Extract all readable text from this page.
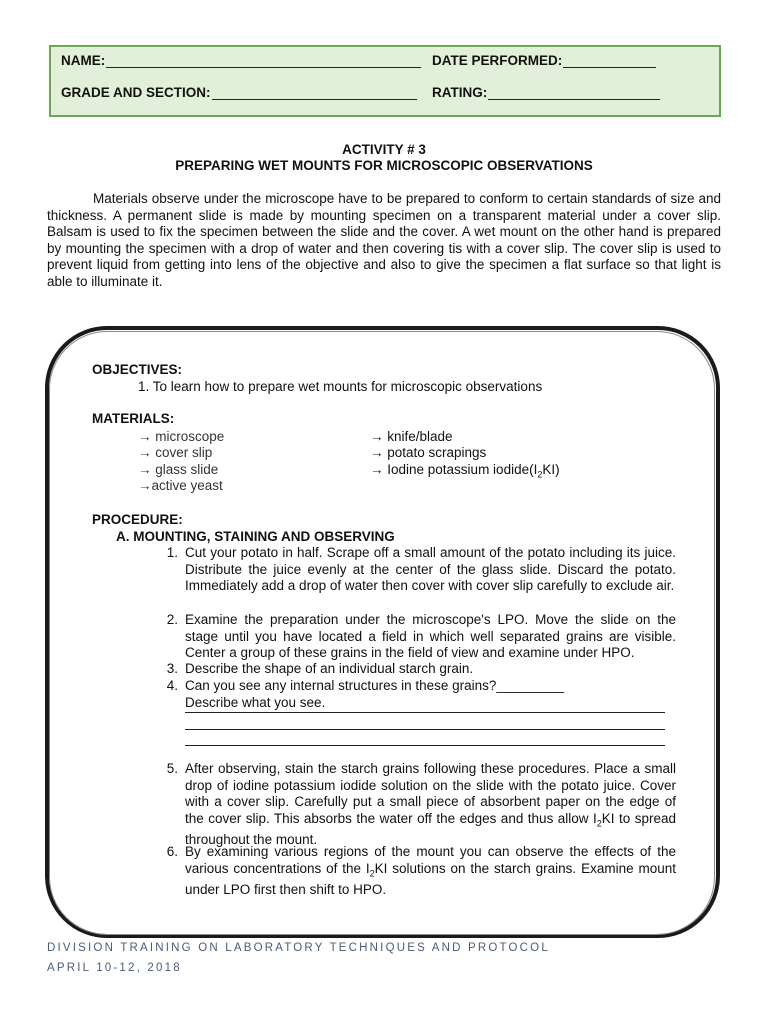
NAME:	DATE PERFORMED:
GRADE AND SECTION:	RATING:
ACTIVITY # 3
PREPARING WET MOUNTS FOR MICROSCOPIC OBSERVATIONS

Materials observe under the microscope have to be prepared to conform to certain standards of size and thickness. A permanent slide is made by mounting specimen on a transparent material under a cover slip. Balsam is used to fix the specimen between the slide and the cover. A wet mount on the other hand is prepared by mounting the specimen with a drop of water and then covering tis with a cover slip. The cover slip is used to prevent liquid from getting into lens of the objective and also to give the specimen a flat surface so that light is able to illuminate it.

OBJECTIVES:
1. To learn how to prepare wet mounts for microscopic observations
MATERIALS:
→ microscope
→ cover slip
→ glass slide
→active yeast
→ knife/blade
→ potato scrapings
→ Iodine potassium $iodide(I_2KI)$
PROCEDURE:
A. MOUNTING, STAINING AND OBSERVING
1. Cut your potato in half. Scrape off a small amount of the potato including its juice. Distribute the juice evenly at the center of the glass slide. Discard the potato. Immediately add a drop of water then cover with cover slip carefully to exclude air.
2. Examine the preparation under the microscope's LPO. Move the slide on the stage until you have located a field in which well separated grains are visible. Center a group of these grains in the field of view and examine under HPO.
3. Describe the shape of an individual starch grain.
4. Can you see any internal structures in these grains?_________
Describe what you see.
5. After observing, stain the starch grains following these procedures. Place a small drop of iodine potassium iodide solution on the slide with the potato juice. Cover with a cover slip. Carefully put a small piece of absorbent paper on the edge of the cover slip. This absorbs the water off the edges and thus allow $I_2KI$ to spread throughout the mount.
6. By examining various regions of the mount you can observe the effects of the various concentrations of the $I_2KI$ solutions on the starch grains. Examine mount under LPO first then shift to HPO.
DIVISION TRAINING ON LABORATORY TECHNIQUES AND PROTOCOL
APRIL 10-12, 2018
